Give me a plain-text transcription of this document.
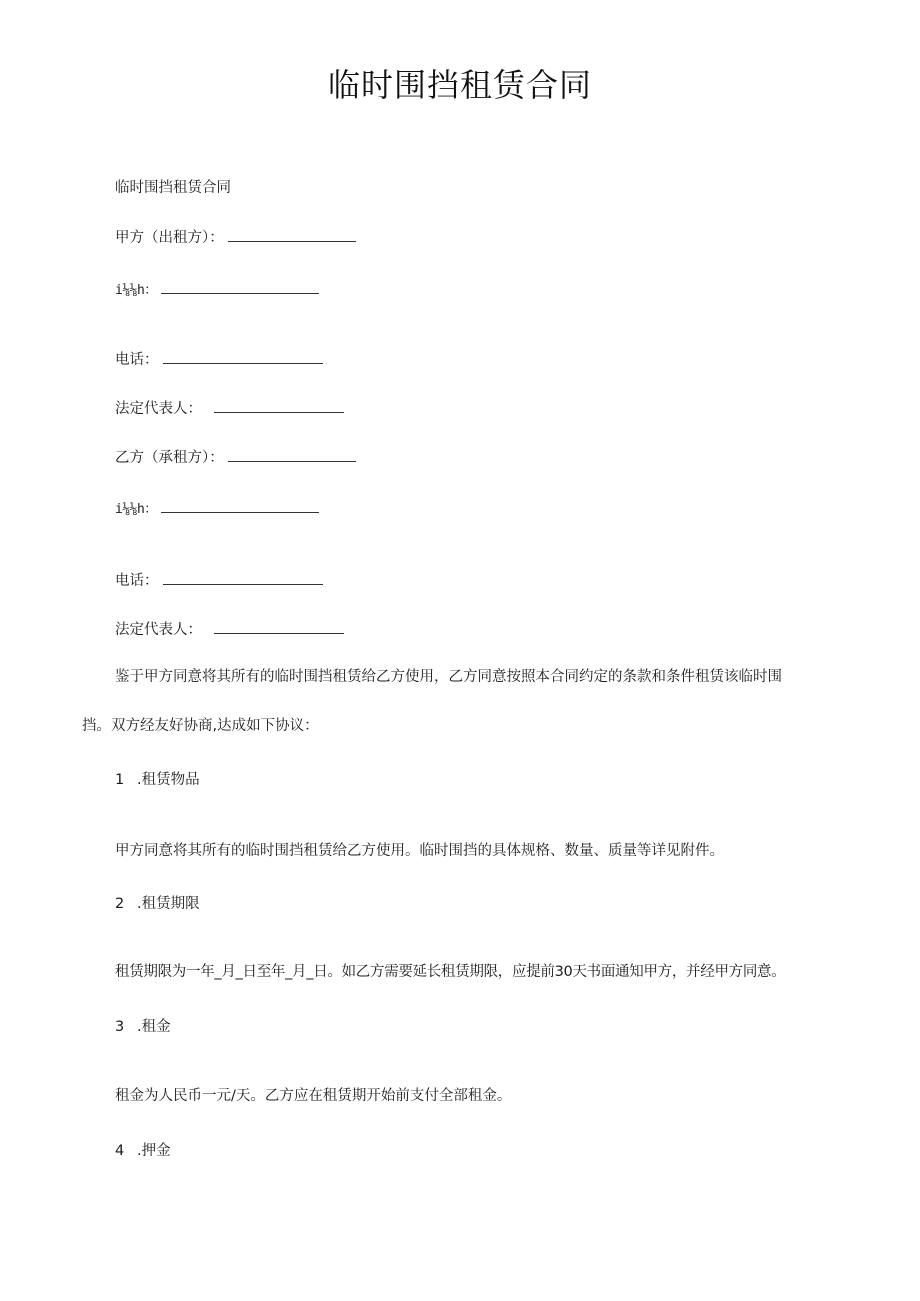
临时围挡租赁合同
临时围挡租赁合同
甲方（出租方）：
i⅛⅛h：
电话：
法定代表人：
乙方（承租方）：
i⅛⅛h：
电话：
法定代表人：
鉴于甲方同意将其所有的临时围挡租赁给乙方使用，乙方同意按照本合同约定的条款和条件租赁该临时围
挡。双方经友好协商,达成如下协议：
1 .租赁物品
甲方同意将其所有的临时围挡租赁给乙方使用。临时围挡的具体规格、数量、质量等详见附件。
2 .租赁期限
租赁期限为一年_月_日至年_月_日。如乙方需要延长租赁期限，应提前30天书面通知甲方，并经甲方同意。
3 .租金
租金为人民币一元/天。乙方应在租赁期开始前支付全部租金。
4 .押金
